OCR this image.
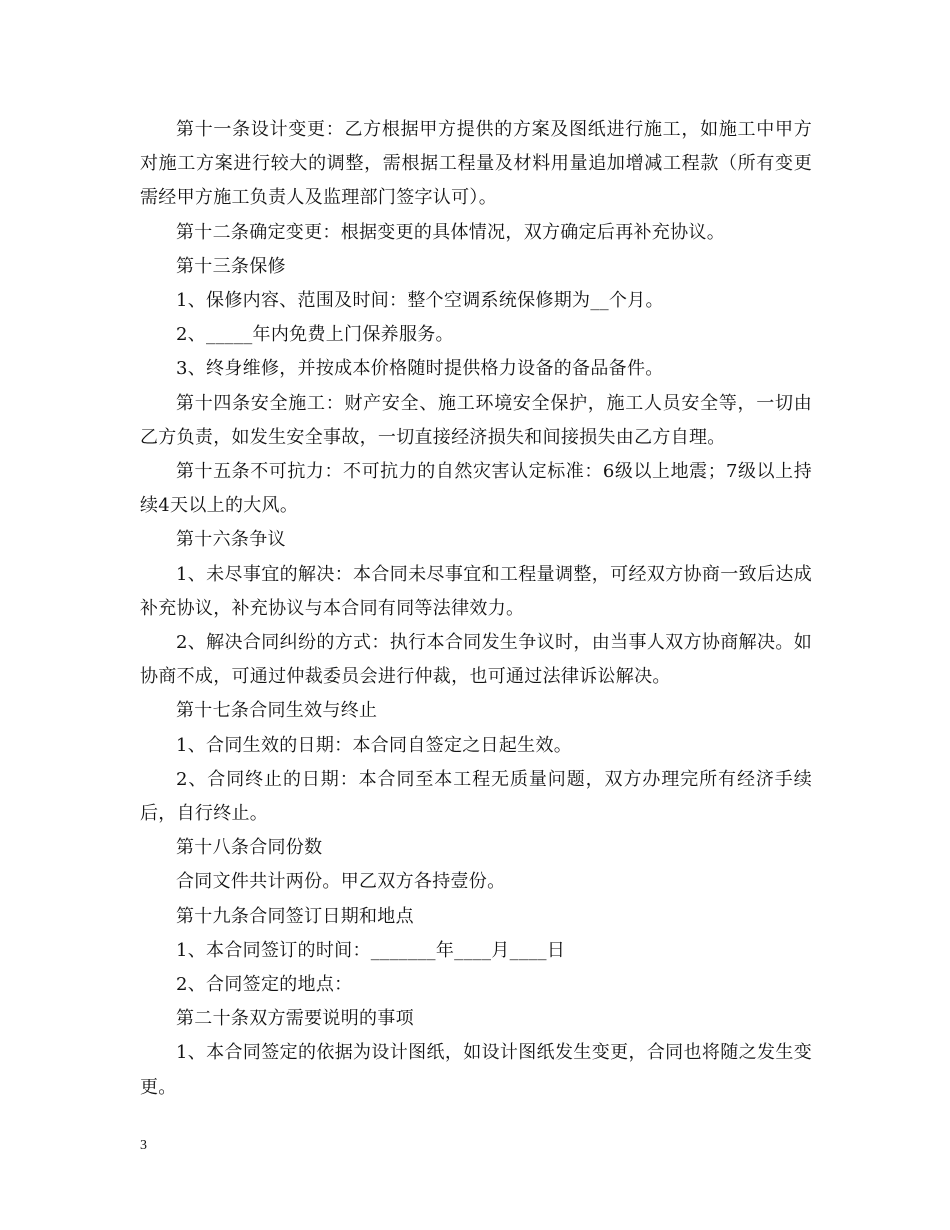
第十一条设计变更：乙方根据甲方提供的方案及图纸进行施工，如施工中甲方对施工方案进行较大的调整，需根据工程量及材料用量追加增减工程款（所有变更需经甲方施工负责人及监理部门签字认可）。

第十二条确定变更：根据变更的具体情况，双方确定后再补充协议。

第十三条保修

1、保修内容、范围及时间：整个空调系统保修期为__个月。

2、_____年内免费上门保养服务。

3、终身维修，并按成本价格随时提供格力设备的备品备件。

第十四条安全施工：财产安全、施工环境安全保护，施工人员安全等，一切由乙方负责，如发生安全事故，一切直接经济损失和间接损失由乙方自理。

第十五条不可抗力：不可抗力的自然灾害认定标准：6级以上地震；7级以上持续4天以上的大风。

第十六条争议

1、未尽事宜的解决：本合同未尽事宜和工程量调整，可经双方协商一致后达成补充协议，补充协议与本合同有同等法律效力。

2、解决合同纠纷的方式：执行本合同发生争议时，由当事人双方协商解决。如协商不成，可通过仲裁委员会进行仲裁，也可通过法律诉讼解决。

第十七条合同生效与终止

1、合同生效的日期：本合同自签定之日起生效。

2、合同终止的日期：本合同至本工程无质量问题，双方办理完所有经济手续后，自行终止。

第十八条合同份数

合同文件共计两份。甲乙双方各持壹份。

第十九条合同签订日期和地点

1、本合同签订的时间：_______年____月____日

2、合同签定的地点：

第二十条双方需要说明的事项

1、本合同签定的依据为设计图纸，如设计图纸发生变更，合同也将随之发生变更。

3
